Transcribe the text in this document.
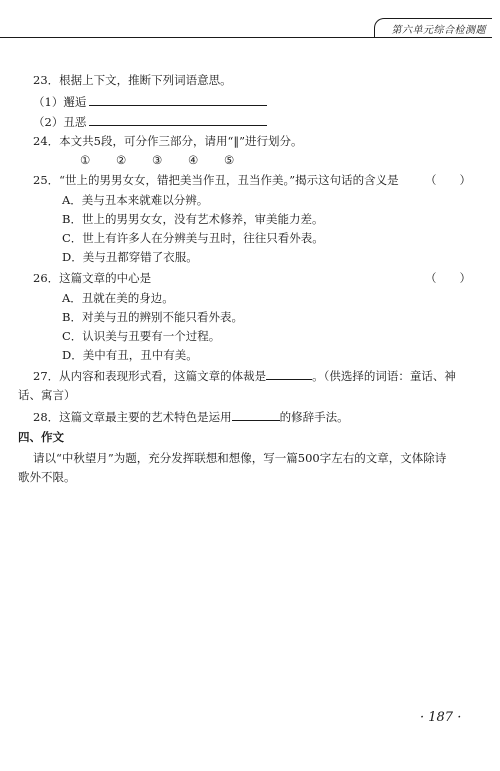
第六单元综合检测题
23．根据上下文，推断下列词语意思。
（1）邂逅
（2）丑恶
24．本文共5段，可分作三部分，请用“‖”进行划分。
① ② ③ ④ ⑤
25．“世上的男男女女，错把美当作丑，丑当作美。”揭示这句话的含义是 （　　）
A．美与丑本来就难以分辨。
B．世上的男男女女，没有艺术修养，审美能力差。
C．世上有许多人在分辨美与丑时，往往只看外表。
D．美与丑都穿错了衣服。
26．这篇文章的中心是	（　　）
A．丑就在美的身边。
B．对美与丑的辨别不能只看外表。
C．认识美与丑要有一个过程。
D．美中有丑，丑中有美。
27．从内容和表现形式看，这篇文章的体裁是	。（供选择的词语：童话、神
话、寓言）
28．这篇文章最主要的艺术特色是运用	的修辞手法。
四、作文
请以“中秋望月”为题，充分发挥联想和想像，写一篇500字左右的文章，文体除诗
歌外不限。
· 187 ·
